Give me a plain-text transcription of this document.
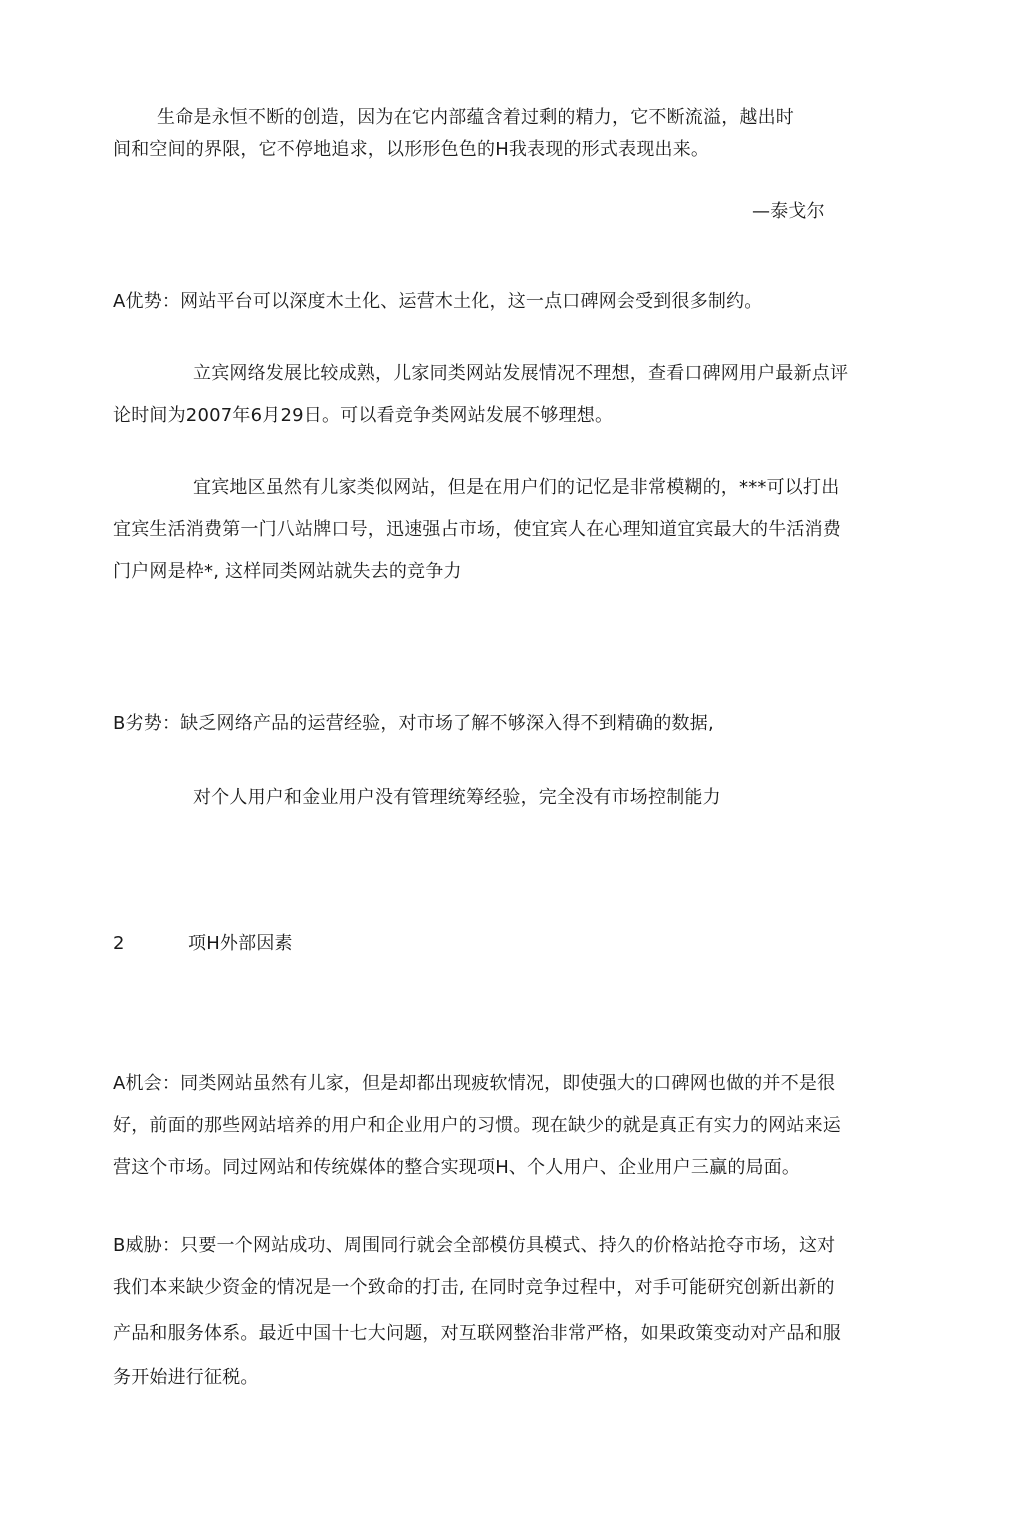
生命是永恒不断的创造，因为在它内部蕴含着过剩的精力，它不断流溢，越出时
间和空间的界限，它不停地追求，以形形色色的H我表现的形式表现出来。
—泰戈尔
A优势：网站平台可以深度木土化、运营木土化，这一点口碑网会受到很多制约。
立宾网络发展比较成熟，儿家同类网站发展情况不理想，查看口碑网用户最新点评
论时间为2007年6月29日。可以看竞争类网站发展不够理想。
宜宾地区虽然有儿家类似网站，但是在用户们的记忆是非常模糊的，***可以打出
宜宾生活消费第一门八站牌口号，迅速强占市场，使宜宾人在心理知道宜宾最大的牛活消费
门户网是枠*, 这样同类网站就失去的竞争力
B劣势：缺乏网络产品的运营经验，对市场了解不够深入得不到精确的数据,
对个人用户和金业用户没有管理统筹经验，完全没有市场控制能力
2	项H外部因素
A机会：同类网站虽然有儿家，但是却都出现疲软情况，即使强大的口碑网也做的并不是很
好，前面的那些网站培养的用户和企业用户的习惯。现在缺少的就是真正有实力的网站来运
营这个市场。同过网站和传统媒体的整合实现项H、个人用户、企业用户三赢的局面。
B威胁：只要一个网站成功、周围同行就会全部模仿具模式、持久的价格站抢夺市场，这对
我们本来缺少资金的情况是一个致命的打击, 在同时竞争过程中，对手可能研究创新出新的
产品和服务体系。最近中国十七大问题，对互联网整治非常严格，如果政策变动对产品和服
务开始进行征税。
